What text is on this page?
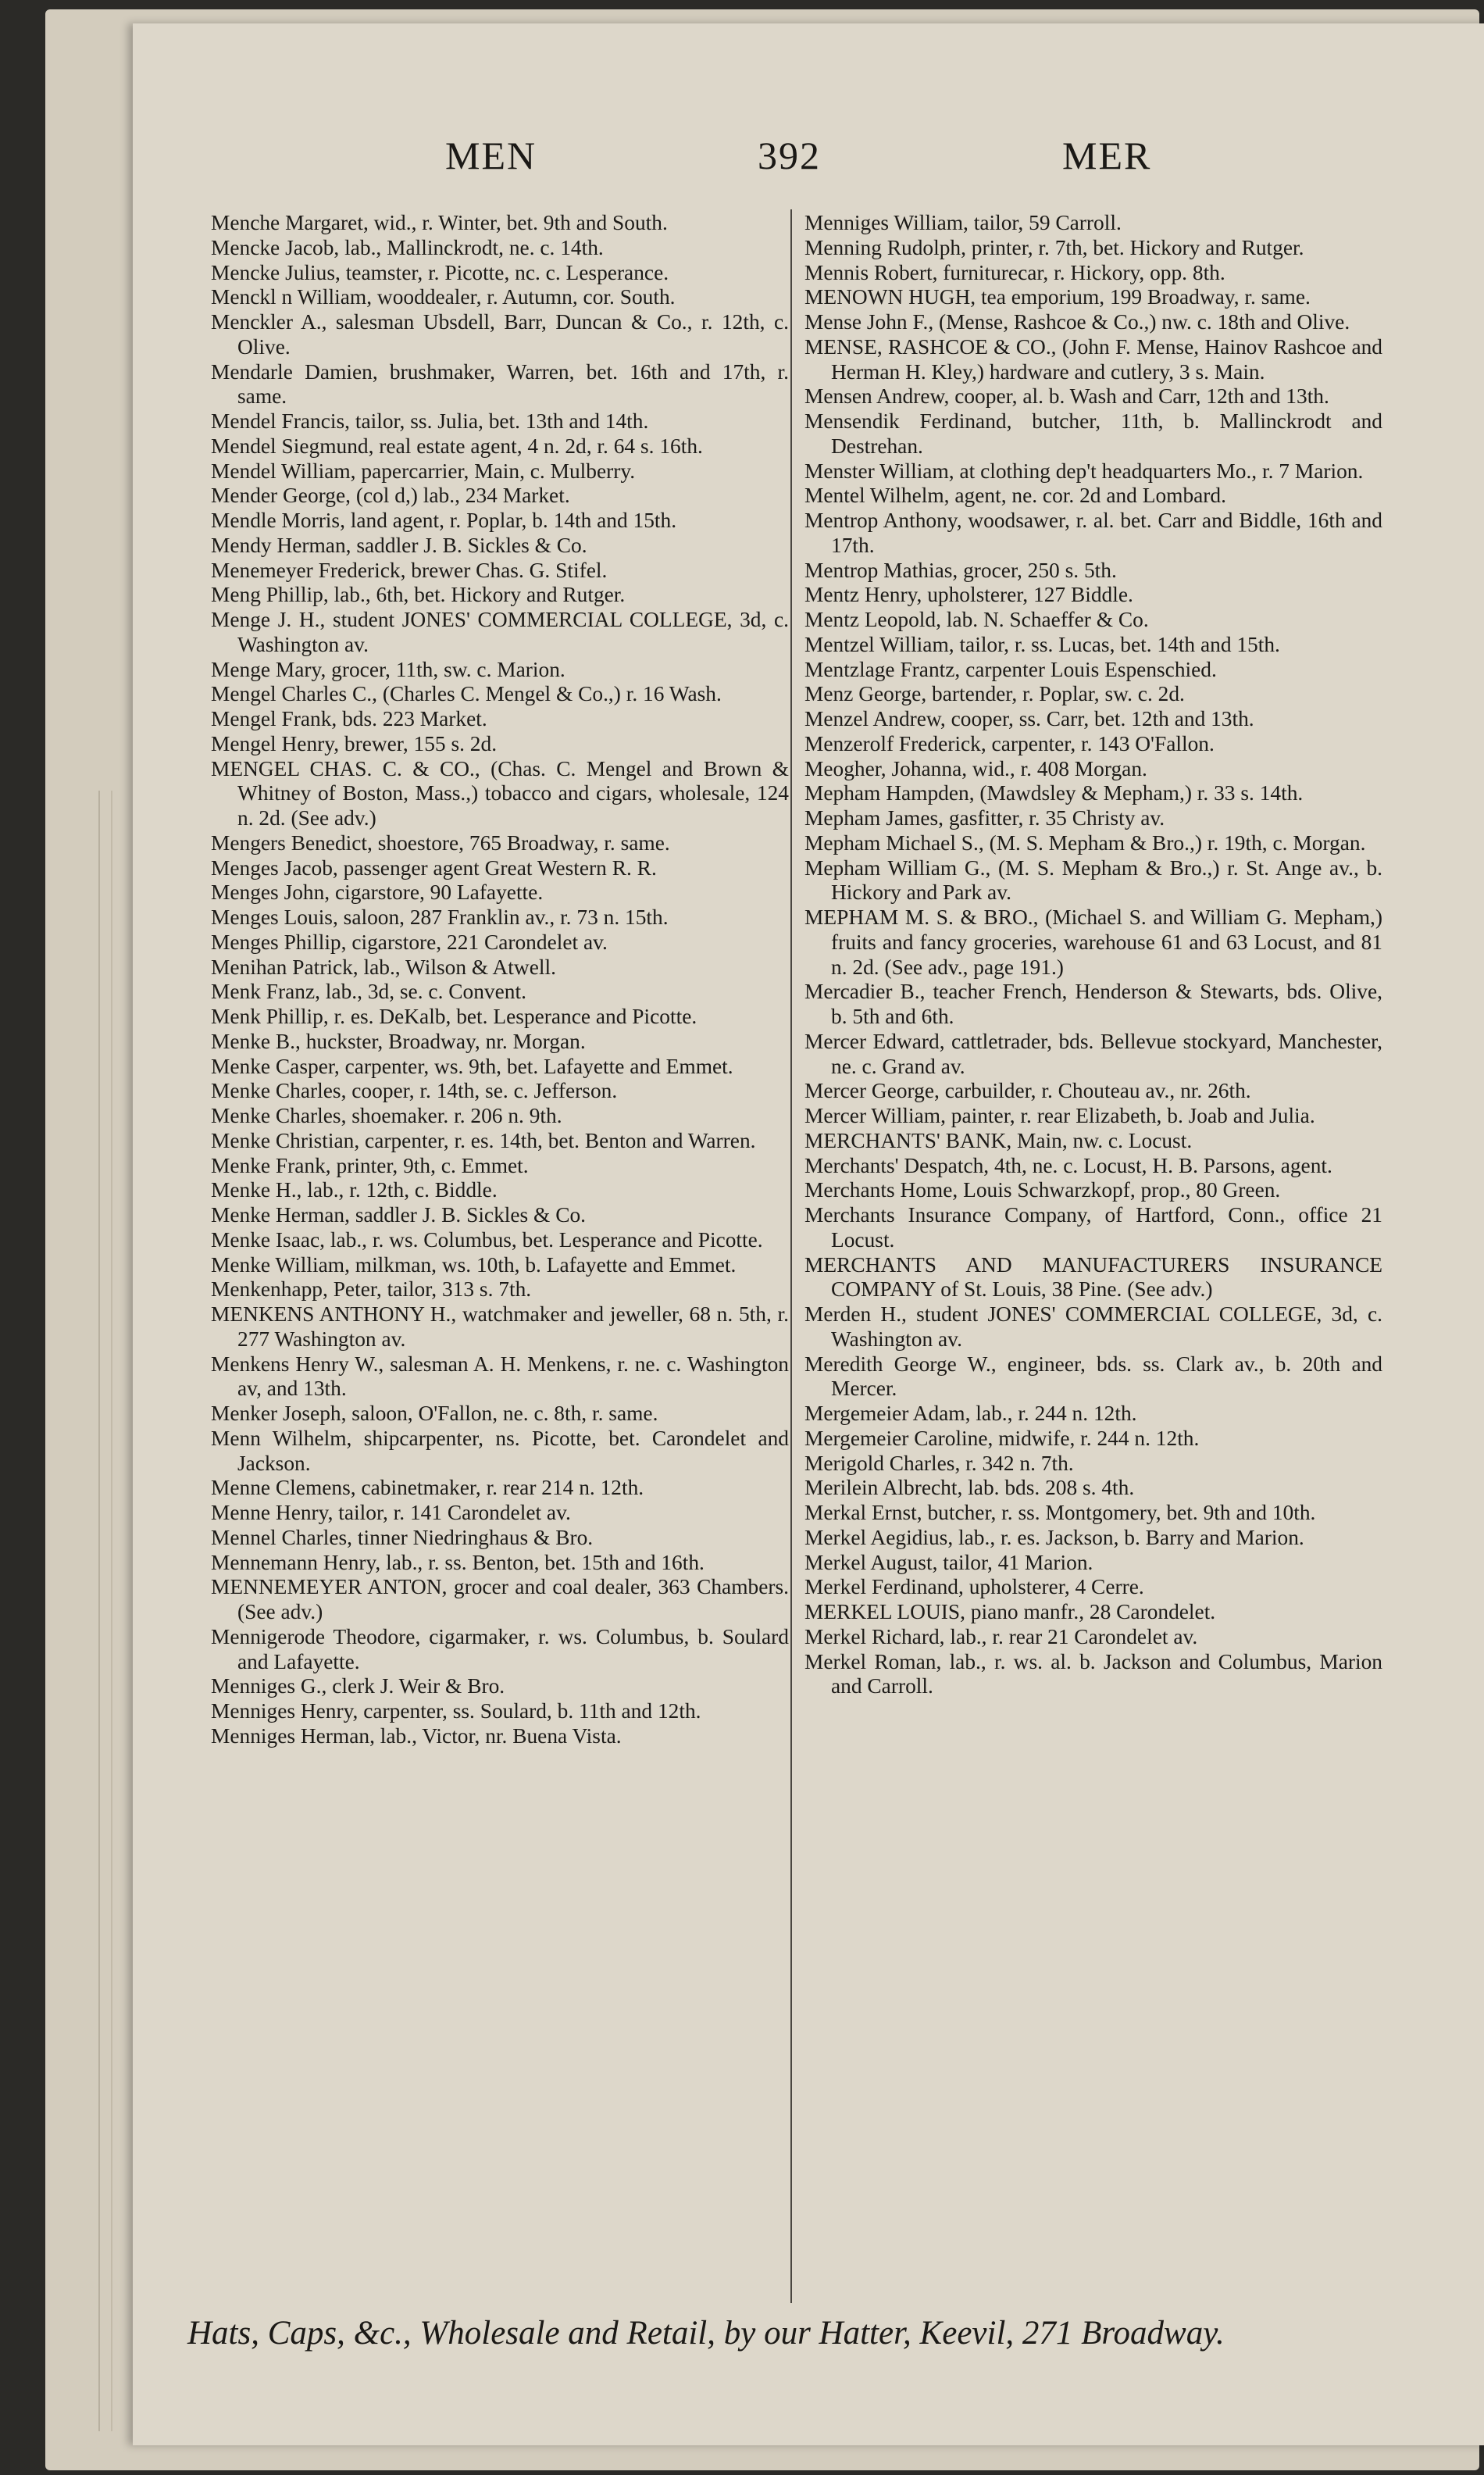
MEN	392	MER
Menche Margaret, wid., r. Winter, bet. 9th and South.
Mencke Jacob, lab., Mallinckrodt, ne. c. 14th.
Mencke Julius, teamster, r. Picotte, nc. c. Lesperance.
Menckl n William, wooddealer, r. Autumn, cor. South.
Menckler A., salesman Ubsdell, Barr, Duncan & Co., r. 12th, c. Olive.
Mendarle Damien, brushmaker, Warren, bet. 16th and 17th, r. same.
Mendel Francis, tailor, ss. Julia, bet. 13th and 14th.
Mendel Siegmund, real estate agent, 4 n. 2d, r. 64 s. 16th.
Mendel William, papercarrier, Main, c. Mulberry.
Mender George, (col d,) lab., 234 Market.
Mendle Morris, land agent, r. Poplar, b. 14th and 15th.
Mendy Herman, saddler J. B. Sickles & Co.
Menemeyer Frederick, brewer Chas. G. Stifel.
Meng Phillip, lab., 6th, bet. Hickory and Rutger.
Menge J. H., student JONES' COMMERCIAL COLLEGE, 3d, c. Washington av.
Menge Mary, grocer, 11th, sw. c. Marion.
Mengel Charles C., (Charles C. Mengel & Co.,) r. 16 Wash.
Mengel Frank, bds. 223 Market.
Mengel Henry, brewer, 155 s. 2d.
MENGEL CHAS. C. & CO., (Chas. C. Mengel and Brown & Whitney of Boston, Mass.,) tobacco and cigars, wholesale, 124 n. 2d. (See adv.)
Mengers Benedict, shoestore, 765 Broadway, r. same.
Menges Jacob, passenger agent Great Western R. R.
Menges John, cigarstore, 90 Lafayette.
Menges Louis, saloon, 287 Franklin av., r. 73 n. 15th.
Menges Phillip, cigarstore, 221 Carondelet av.
Menihan Patrick, lab., Wilson & Atwell.
Menk Franz, lab., 3d, se. c. Convent.
Menk Phillip, r. es. DeKalb, bet. Lesperance and Picotte.
Menke B., huckster, Broadway, nr. Morgan.
Menke Casper, carpenter, ws. 9th, bet. Lafayette and Emmet.
Menke Charles, cooper, r. 14th, se. c. Jefferson.
Menke Charles, shoemaker. r. 206 n. 9th.
Menke Christian, carpenter, r. es. 14th, bet. Benton and Warren.
Menke Frank, printer, 9th, c. Emmet.
Menke H., lab., r. 12th, c. Biddle.
Menke Herman, saddler J. B. Sickles & Co.
Menke Isaac, lab., r. ws. Columbus, bet. Lesperance and Picotte.
Menke William, milkman, ws. 10th, b. Lafayette and Emmet.
Menkenhapp, Peter, tailor, 313 s. 7th.
MENKENS ANTHONY H., watchmaker and jeweller, 68 n. 5th, r. 277 Washington av.
Menkens Henry W., salesman A. H. Menkens, r. ne. c. Washington av, and 13th.
Menker Joseph, saloon, O'Fallon, ne. c. 8th, r. same.
Menn Wilhelm, shipcarpenter, ns. Picotte, bet. Carondelet and Jackson.
Menne Clemens, cabinetmaker, r. rear 214 n. 12th.
Menne Henry, tailor, r. 141 Carondelet av.
Mennel Charles, tinner Niedringhaus & Bro.
Mennemann Henry, lab., r. ss. Benton, bet. 15th and 16th.
MENNEMEYER ANTON, grocer and coal dealer, 363 Chambers. (See adv.)
Mennigerode Theodore, cigarmaker, r. ws. Columbus, b. Soulard and Lafayette.
Menniges G., clerk J. Weir & Bro.
Menniges Henry, carpenter, ss. Soulard, b. 11th and 12th.
Menniges Herman, lab., Victor, nr. Buena Vista.
Menniges William, tailor, 59 Carroll.
Menning Rudolph, printer, r. 7th, bet. Hickory and Rutger.
Mennis Robert, furniturecar, r. Hickory, opp. 8th.
MENOWN HUGH, tea emporium, 199 Broadway, r. same.
Mense John F., (Mense, Rashcoe & Co.,) nw. c. 18th and Olive.
MENSE, RASHCOE & CO., (John F. Mense, Hainov Rashcoe and Herman H. Kley,) hardware and cutlery, 3 s. Main.
Mensen Andrew, cooper, al. b. Wash and Carr, 12th and 13th.
Mensendik Ferdinand, butcher, 11th, b. Mallinckrodt and Destrehan.
Menster William, at clothing dep't headquarters Mo., r. 7 Marion.
Mentel Wilhelm, agent, ne. cor. 2d and Lombard.
Mentrop Anthony, woodsawer, r. al. bet. Carr and Biddle, 16th and 17th.
Mentrop Mathias, grocer, 250 s. 5th.
Mentz Henry, upholsterer, 127 Biddle.
Mentz Leopold, lab. N. Schaeffer & Co.
Mentzel William, tailor, r. ss. Lucas, bet. 14th and 15th.
Mentzlage Frantz, carpenter Louis Espenschied.
Menz George, bartender, r. Poplar, sw. c. 2d.
Menzel Andrew, cooper, ss. Carr, bet. 12th and 13th.
Menzerolf Frederick, carpenter, r. 143 O'Fallon.
Meogher, Johanna, wid., r. 408 Morgan.
Mepham Hampden, (Mawdsley & Mepham,) r. 33 s. 14th.
Mepham James, gasfitter, r. 35 Christy av.
Mepham Michael S., (M. S. Mepham & Bro.,) r. 19th, c. Morgan.
Mepham William G., (M. S. Mepham & Bro.,) r. St. Ange av., b. Hickory and Park av.
MEPHAM M. S. & BRO., (Michael S. and William G. Mepham,) fruits and fancy groceries, warehouse 61 and 63 Locust, and 81 n. 2d. (See adv., page 191.)
Mercadier B., teacher French, Henderson & Stewarts, bds. Olive, b. 5th and 6th.
Mercer Edward, cattletrader, bds. Bellevue stockyard, Manchester, ne. c. Grand av.
Mercer George, carbuilder, r. Chouteau av., nr. 26th.
Mercer William, painter, r. rear Elizabeth, b. Joab and Julia.
MERCHANTS' BANK, Main, nw. c. Locust.
Merchants' Despatch, 4th, ne. c. Locust, H. B. Parsons, agent.
Merchants Home, Louis Schwarzkopf, prop., 80 Green.
Merchants Insurance Company, of Hartford, Conn., office 21 Locust.
MERCHANTS AND MANUFACTURERS INSURANCE COMPANY of St. Louis, 38 Pine. (See adv.)
Merden H., student JONES' COMMERCIAL COLLEGE, 3d, c. Washington av.
Meredith George W., engineer, bds. ss. Clark av., b. 20th and Mercer.
Mergemeier Adam, lab., r. 244 n. 12th.
Mergemeier Caroline, midwife, r. 244 n. 12th.
Merigold Charles, r. 342 n. 7th.
Merilein Albrecht, lab. bds. 208 s. 4th.
Merkal Ernst, butcher, r. ss. Montgomery, bet. 9th and 10th.
Merkel Aegidius, lab., r. es. Jackson, b. Barry and Marion.
Merkel August, tailor, 41 Marion.
Merkel Ferdinand, upholsterer, 4 Cerre.
MERKEL LOUIS, piano manfr., 28 Carondelet.
Merkel Richard, lab., r. rear 21 Carondelet av.
Merkel Roman, lab., r. ws. al. b. Jackson and Columbus, Marion and Carroll.
Hats, Caps, &c., Wholesale and Retail, by our Hatter, Keevil, 271 Broadway.
